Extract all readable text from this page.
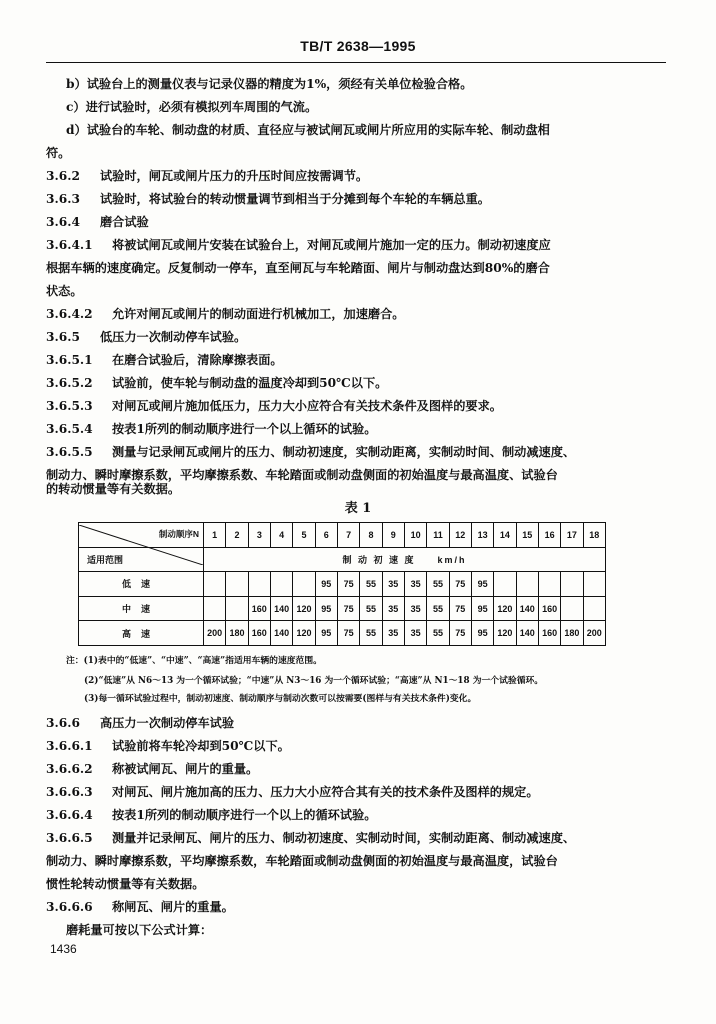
TB/T 2638—1995
b）试验台上的测量仪表与记录仪器的精度为1%，须经有关单位检验合格。
c）进行试验时，必须有模拟列车周围的气流。
d）试验台的车轮、制动盘的材质、直径应与被试闸瓦或闸片所应用的实际车轮、制动盘相
符。
3.6.2 试验时，闸瓦或闸片压力的升压时间应按需调节。
3.6.3 试验时，将试验台的转动惯量调节到相当于分摊到每个车轮的车辆总重。
3.6.4 磨合试验
3.6.4.1 将被试闸瓦或闸片安装在试验台上，对闸瓦或闸片施加一定的压力。制动初速度应
根据车辆的速度确定。反复制动一停车，直至闸瓦与车轮踏面、闸片与制动盘达到80%的磨合
状态。
3.6.4.2 允许对闸瓦或闸片的制动面进行机械加工，加速磨合。
3.6.5 低压力一次制动停车试验。
3.6.5.1 在磨合试验后，清除摩擦表面。
3.6.5.2 试验前，使车轮与制动盘的温度冷却到50℃以下。
3.6.5.3 对闸瓦或闸片施加低压力，压力大小应符合有关技术条件及图样的要求。
3.6.5.4 按表1所列的制动顺序进行一个以上循环的试验。
3.6.5.5 测量与记录闸瓦或闸片的压力、制动初速度，实制动距离，实制动时间、制动减速度、
制动力、瞬时摩擦系数，平均摩擦系数、车轮踏面或制动盘侧面的初始温度与最高温度、试验台
的转动惯量等有关数据。
表 1
制动顺序N	1	2	3	4	5	6	7	8	9	10	11	12	13	14	15	16	17	18
适用范围	制 动 初 速 度　　km/h																	
低速						95	75	55	35	35	55	75	95					
中速			160	140	120	95	75	55	35	35	55	75	95	120	140	160		
高速	200	180	160	140	120	95	75	55	35	35	55	75	95	120	140	160	180	200
注：(1)表中的“低速”、“中速”、“高速”指适用车辆的速度范围。
(2)“低速”从 N6～13 为一个循环试验；“中速”从 N3～16 为一个循环试验；“高速”从 N1～18 为一个试验循环。
(3)每一循环试验过程中，制动初速度、制动顺序与制动次数可以按需要(图样与有关技术条件)变化。
3.6.6 高压力一次制动停车试验
3.6.6.1 试验前将车轮冷却到50℃以下。
3.6.6.2 称被试闸瓦、闸片的重量。
3.6.6.3 对闸瓦、闸片施加高的压力、压力大小应符合其有关的技术条件及图样的规定。
3.6.6.4 按表1所列的制动顺序进行一个以上的循环试验。
3.6.6.5 测量并记录闸瓦、闸片的压力、制动初速度、实制动时间，实制动距离、制动减速度、
制动力、瞬时摩擦系数，平均摩擦系数，车轮踏面或制动盘侧面的初始温度与最高温度，试验台
惯性轮转动惯量等有关数据。
3.6.6.6 称闸瓦、闸片的重量。
磨耗量可按以下公式计算：
1436
